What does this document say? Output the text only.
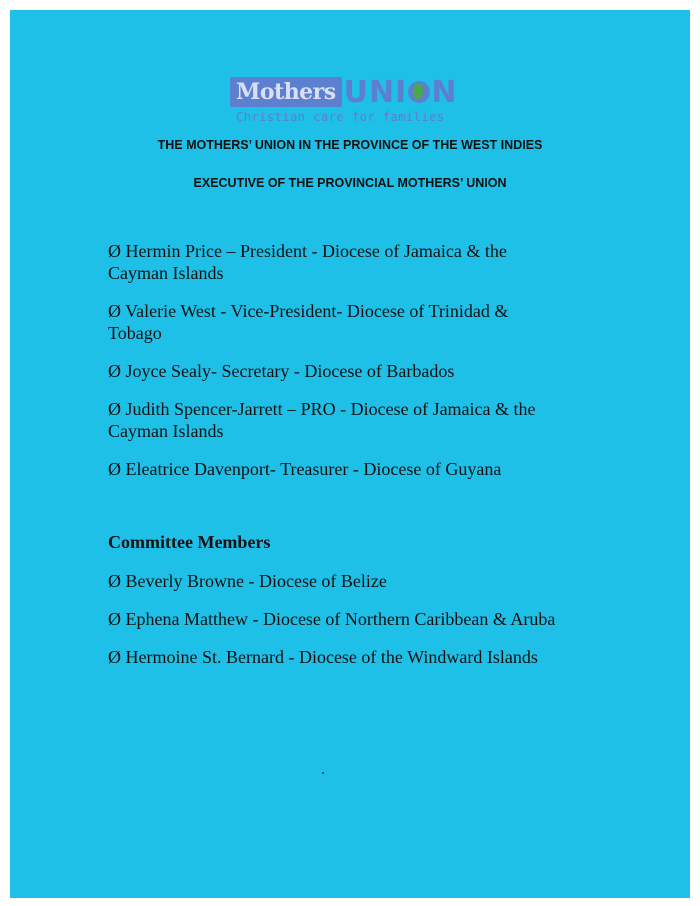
Mothers UNI N
Christian care for families

THE MOTHERS’ UNION IN THE PROVINCE OF THE WEST INDIES

EXECUTIVE OF THE PROVINCIAL MOTHERS’ UNION

Ø Hermin Price – President - Diocese of Jamaica & the
Cayman Islands
Ø Valerie West - Vice-President- Diocese of Trinidad &
Tobago
Ø Joyce Sealy- Secretary - Diocese of Barbados
Ø Judith Spencer-Jarrett – PRO - Diocese of Jamaica & the
Cayman Islands
Ø Eleatrice Davenport- Treasurer - Diocese of Guyana
Committee Members
Ø Beverly Browne - Diocese of Belize
Ø Ephena Matthew - Diocese of Northern Caribbean & Aruba
Ø Hermoine St. Bernard - Diocese of the Windward Islands
